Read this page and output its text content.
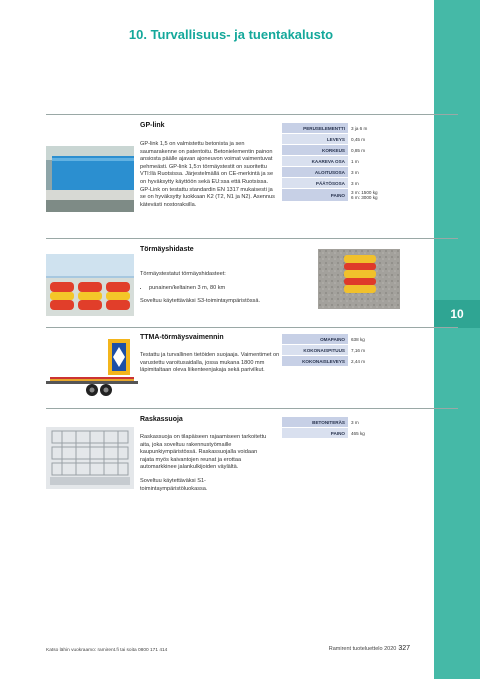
10. Turvallisuus- ja tuentakalusto
10
GP-link
GP-link 1,5 on valmistettu betonista ja sen saumarakenne on patentoitu. Betonielementin painon ansiosta päälle ajavan ajoneuvon voimat vaimentuvat pehmeästi. GP-link 1,5:n törmäystestit on suoritettu VTI:llä Ruotsissa. Järjestelmällä on CE-merkintä ja se on hyväksytty käyttöön sekä EU:ssa että Ruotsissa. GP-Link on testattu standardin EN 1317 mukaisesti ja se on hyväksytty luokkaan K2 (T2, N1 ja N2). Asennus kätevästi nostoraksilla.
PERUSELEMENTTI	3 ja 6 m
LEVEYS	0,45 m
KORKEUS	0,85 m
KAAREVA OSA	1 m
ALOITUSOSA	3 m
PÄÄTÖSOSA	3 m
PAINO	3 m: 1500 kg
6 m: 3000 kg
Törmäyshidaste

Törmäystestatut törmäyshidasteet:

• punainen/keltainen 3 m, 80 km

Soveltuu käytettäväksi S3-toimintaympäristössä.

TTMA-törmäysvaimennin
Testattu ja turvallinen tietöiden suojaaja. Vaimentimet on varustettu varoitusaidalla, jossa mukana 1800 mm läpimitaltaan oleva liikenteenjakaja sekä parivilkut.
OMAPAINO	638 kg
KOKONAISPITUUS	7,16 m
KOKONAISLEVEYS	2,44 m
Raskassuoja

Raskassuoja on tilapäiseen rajaamiseen tarkoitettu aita, joka soveltuu rakennustyömaille kaupunkiympäristössä. Raskassuojalla voidaan rajata myös kaivantojen reunat ja erottaa automarkkinee jalankulkijoiden väylältä.

Soveltuu käytettäväksi S1-toimintaympäristöluokassa.

BETONITERÄS	3 m
PAINO	465 kg
Katso lähin vuokraamo: ramirent.fi tai soita 0800 171 414	Ramirent tuoteluettelo 2020 327
